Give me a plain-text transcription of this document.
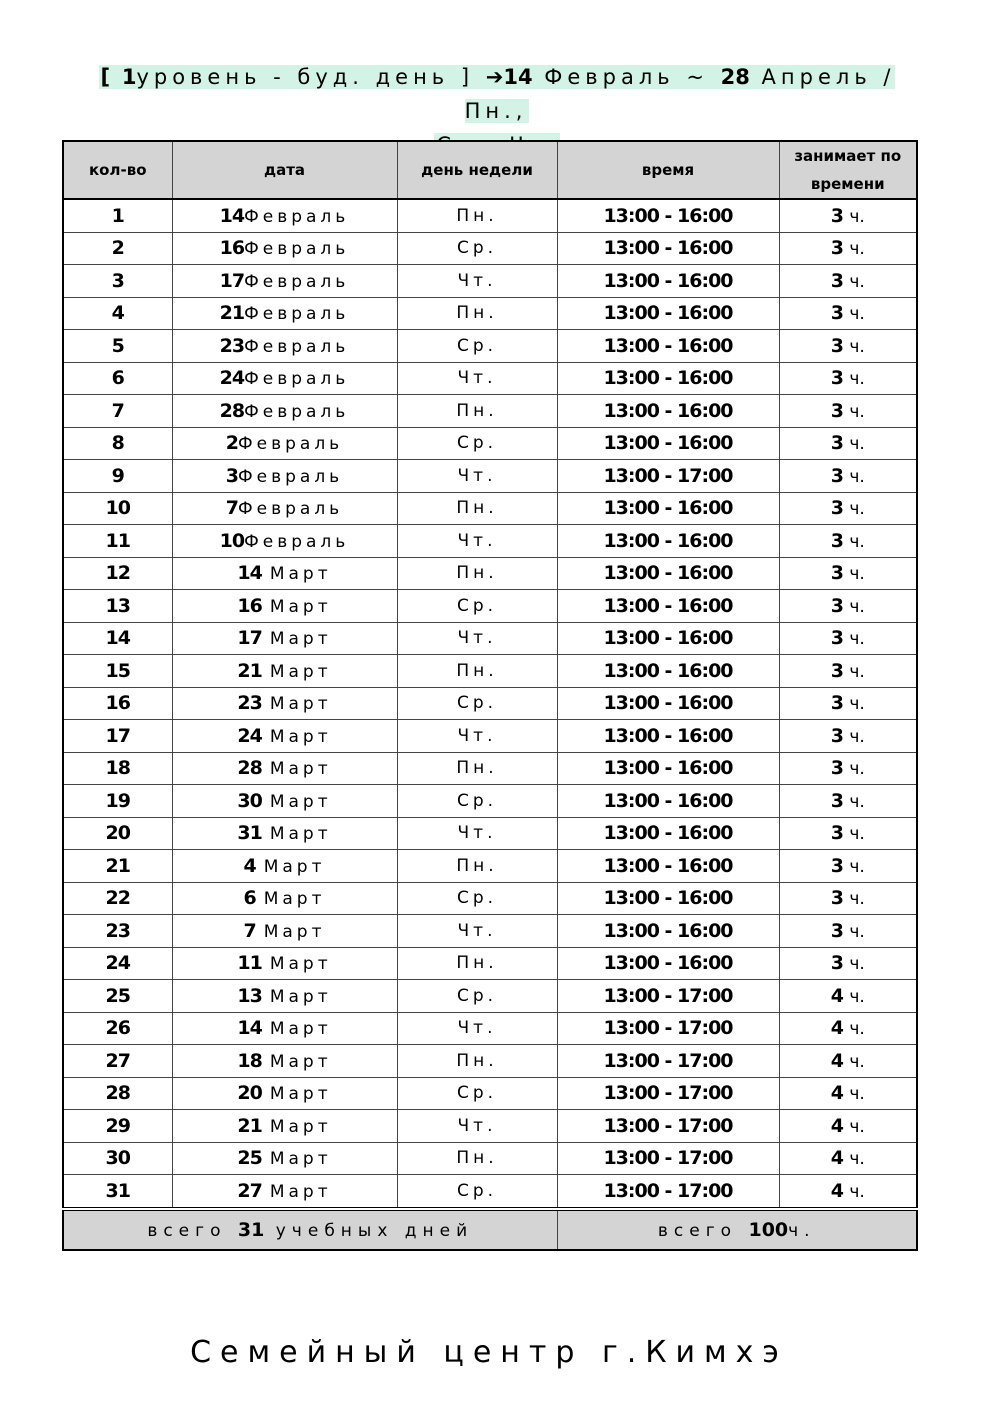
[ 1уровень - буд. день ] ➔14 Февраль ~ 28 Апрель / Пн.,

кол-во	дата	день недели	время	занимает по времени
1	14Февраль	Пн.	13:00 - 16:00	3 ч.
2	16Февраль	Ср.	13:00 - 16:00	3 ч.
3	17Февраль	Чт.	13:00 - 16:00	3 ч.
4	21Февраль	Пн.	13:00 - 16:00	3 ч.
5	23Февраль	Ср.	13:00 - 16:00	3 ч.
6	24Февраль	Чт.	13:00 - 16:00	3 ч.
7	28Февраль	Пн.	13:00 - 16:00	3 ч.
8	2Февраль	Ср.	13:00 - 16:00	3 ч.
9	3Февраль	Чт.	13:00 - 17:00	3 ч.
10	7Февраль	Пн.	13:00 - 16:00	3 ч.
11	10Февраль	Чт.	13:00 - 16:00	3 ч.
12	14 Март	Пн.	13:00 - 16:00	3 ч.
13	16 Март	Ср.	13:00 - 16:00	3 ч.
14	17 Март	Чт.	13:00 - 16:00	3 ч.
15	21 Март	Пн.	13:00 - 16:00	3 ч.
16	23 Март	Ср.	13:00 - 16:00	3 ч.
17	24 Март	Чт.	13:00 - 16:00	3 ч.
18	28 Март	Пн.	13:00 - 16:00	3 ч.
19	30 Март	Ср.	13:00 - 16:00	3 ч.
20	31 Март	Чт.	13:00 - 16:00	3 ч.
21	4 Март	Пн.	13:00 - 16:00	3 ч.
22	6 Март	Ср.	13:00 - 16:00	3 ч.
23	7 Март	Чт.	13:00 - 16:00	3 ч.
24	11 Март	Пн.	13:00 - 16:00	3 ч.
25	13 Март	Ср.	13:00 - 17:00	4 ч.
26	14 Март	Чт.	13:00 - 17:00	4 ч.
27	18 Март	Пн.	13:00 - 17:00	4 ч.
28	20 Март	Ср.	13:00 - 17:00	4 ч.
29	21 Март	Чт.	13:00 - 17:00	4 ч.
30	25 Март	Пн.	13:00 - 17:00	4 ч.
31	27 Март	Ср.	13:00 - 17:00	4 ч.
всего 31 учебных дней			всего 100ч.	
Семейный центр г.Кимхэ
